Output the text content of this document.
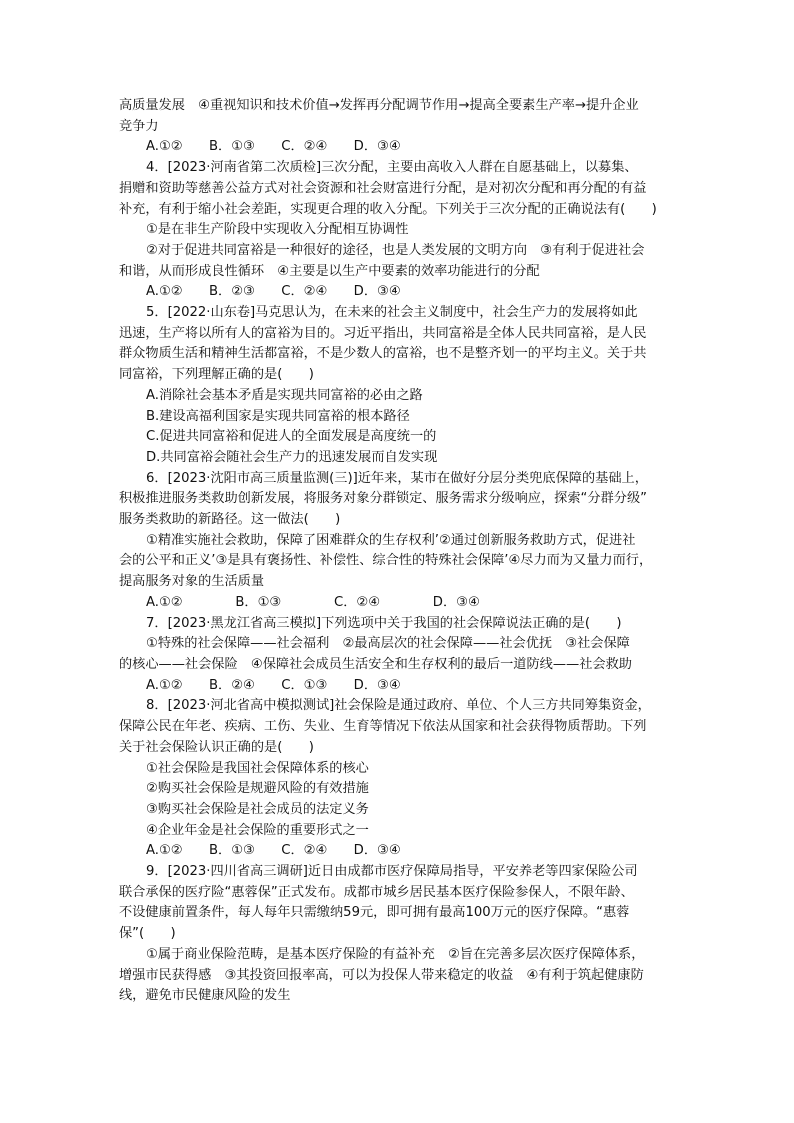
高质量发展　④重视知识和技术价值→发挥再分配调节作用→提高全要素生产率→提升企业
竞争力
A.①②　　B．①③　　C．②④　　D．③④
4．[2023·河南省第二次质检]三次分配，主要由高收入人群在自愿基础上，以募集、
捐赠和资助等慈善公益方式对社会资源和社会财富进行分配，是对初次分配和再分配的有益
补充，有利于缩小社会差距，实现更合理的收入分配。下列关于三次分配的正确说法有(　　)
①是在非生产阶段中实现收入分配相互协调性
②对于促进共同富裕是一种很好的途径，也是人类发展的文明方向　③有利于促进社会
和谐，从而形成良性循环　④主要是以生产中要素的效率功能进行的分配
A.①②　　B．②③　　C．②④　　D．③④
5．[2022·山东卷]马克思认为，在未来的社会主义制度中，社会生产力的发展将如此
迅速，生产将以所有人的富裕为目的。习近平指出，共同富裕是全体人民共同富裕，是人民
群众物质生活和精神生活都富裕，不是少数人的富裕，也不是整齐划一的平均主义。关于共
同富裕，下列理解正确的是(　　)
A.消除社会基本矛盾是实现共同富裕的必由之路
B.建设高福利国家是实现共同富裕的根本路径
C.促进共同富裕和促进人的全面发展是高度统一的
D.共同富裕会随社会生产力的迅速发展而自发实现
6．[2023·沈阳市高三质量监测(三)]近年来，某市在做好分层分类兜底保障的基础上，
积极推进服务类救助创新发展，将服务对象分群锁定、服务需求分级响应，探索“分群分级”
服务类救助的新路径。这一做法(　　)
①精准实施社会救助，保障了困难群众的生存权利’②通过创新服务救助方式，促进社
会的公平和正义’③是具有褒扬性、补偿性、综合性的特殊社会保障’④尽力而为又量力而行，
提高服务对象的生活质量
A.①②　　　　B．①③　　　　C．②④　　　　D．③④
7．[2023·黑龙江省高三模拟]下列选项中关于我国的社会保障说法正确的是(　　)
①特殊的社会保障——社会福利　②最高层次的社会保障——社会优抚　③社会保障
的核心——社会保险　④保障社会成员生活安全和生存权利的最后一道防线——社会救助
A.①②　　B．②④　　C．①③　　D．③④
8．[2023·河北省高中模拟测试]社会保险是通过政府、单位、个人三方共同筹集资金，
保障公民在年老、疾病、工伤、失业、生育等情况下依法从国家和社会获得物质帮助。下列
关于社会保险认识正确的是(　　)
①社会保险是我国社会保障体系的核心
②购买社会保险是规避风险的有效措施
③购买社会保险是社会成员的法定义务
④企业年金是社会保险的重要形式之一
A.①②　　B．①③　　C．②④　　D．③④
9．[2023·四川省高三调研]近日由成都市医疗保障局指导，平安养老等四家保险公司
联合承保的医疗险“惠蓉保”正式发布。成都市城乡居民基本医疗保险参保人，不限年龄、
不设健康前置条件，每人每年只需缴纳59元，即可拥有最高100万元的医疗保障。“惠蓉
保”(　　)
①属于商业保险范畴，是基本医疗保险的有益补充　②旨在完善多层次医疗保障体系，
增强市民获得感　③其投资回报率高，可以为投保人带来稳定的收益　④有利于筑起健康防
线，避免市民健康风险的发生
